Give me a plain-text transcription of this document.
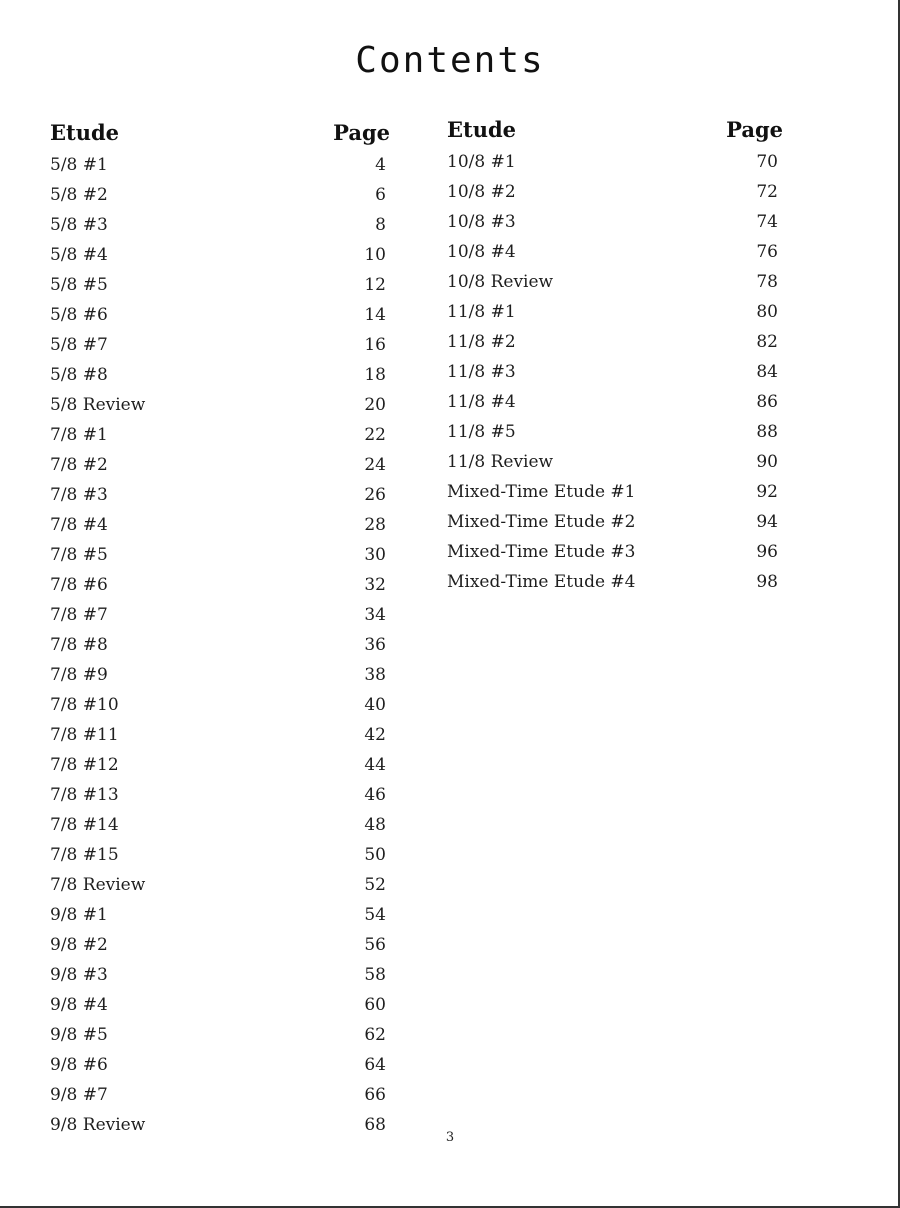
Contents
Etude	Page
5/8 #1	4
5/8 #2	6
5/8 #3	8
5/8 #4	10
5/8 #5	12
5/8 #6	14
5/8 #7	16
5/8 #8	18
5/8 Review	20
7/8 #1	22
7/8 #2	24
7/8 #3	26
7/8 #4	28
7/8 #5	30
7/8 #6	32
7/8 #7	34
7/8 #8	36
7/8 #9	38
7/8 #10	40
7/8 #11	42
7/8 #12	44
7/8 #13	46
7/8 #14	48
7/8 #15	50
7/8 Review	52
9/8 #1	54
9/8 #2	56
9/8 #3	58
9/8 #4	60
9/8 #5	62
9/8 #6	64
9/8 #7	66
9/8 Review	68
Etude	Page
10/8 #1	70
10/8 #2	72
10/8 #3	74
10/8 #4	76
10/8 Review	78
11/8 #1	80
11/8 #2	82
11/8 #3	84
11/8 #4	86
11/8 #5	88
11/8 Review	90
Mixed-Time Etude #1	92
Mixed-Time Etude #2	94
Mixed-Time Etude #3	96
Mixed-Time Etude #4	98
3
